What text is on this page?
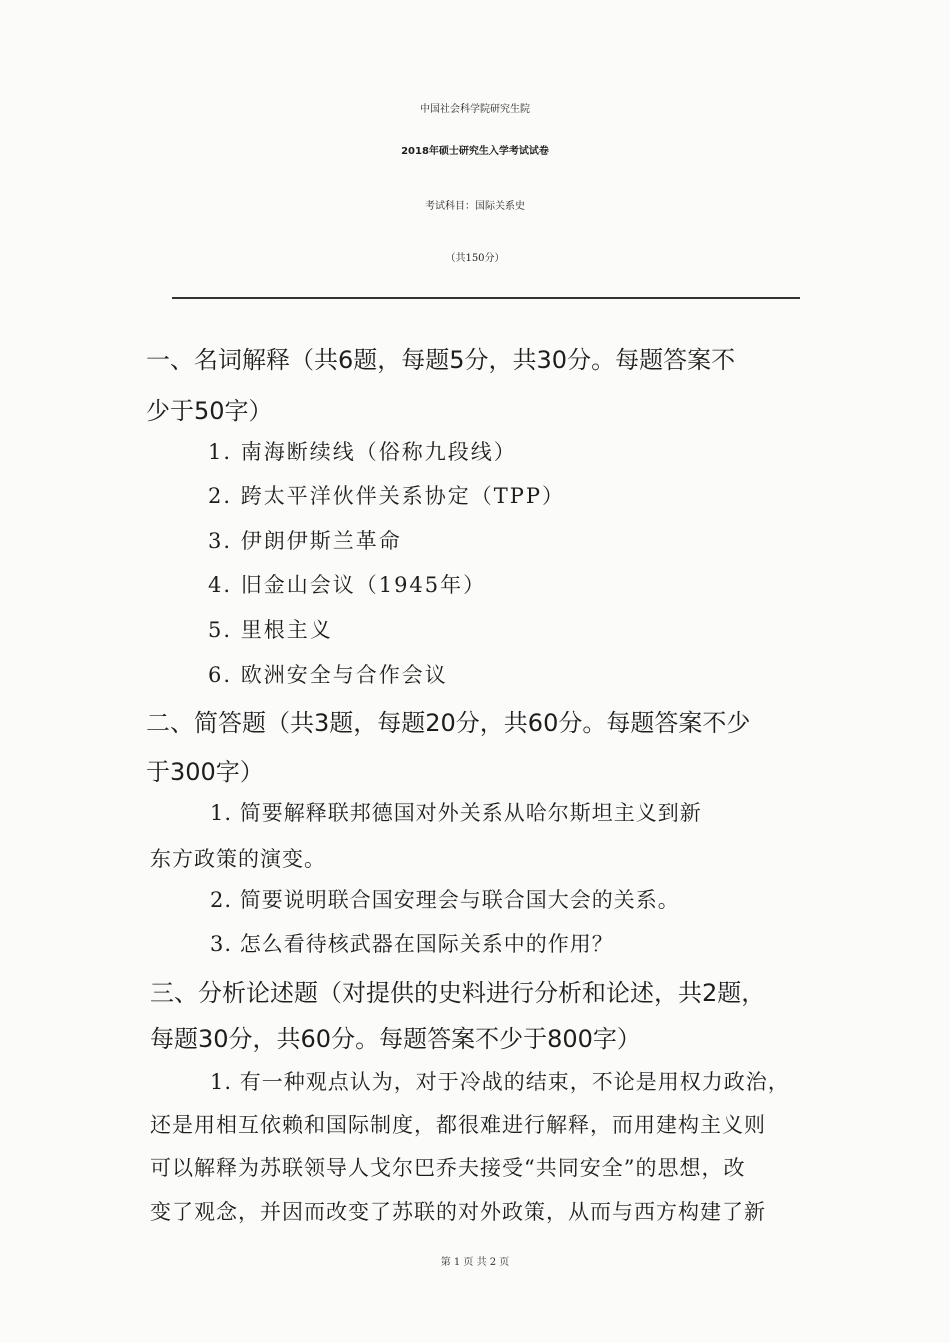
中国社会科学院研究生院
2018年硕士研究生入学考试试卷
考试科目：国际关系史
（共150分）
一、名词解释（共6题，每题5分，共30分。每题答案不
少于50字）
1. 南海断续线（俗称九段线）
2. 跨太平洋伙伴关系协定（TPP）
3. 伊朗伊斯兰革命
4. 旧金山会议（1945年）
5. 里根主义
6. 欧洲安全与合作会议
二、简答题（共3题，每题20分，共60分。每题答案不少
于300字）
1. 简要解释联邦德国对外关系从哈尔斯坦主义到新
东方政策的演变。
2. 简要说明联合国安理会与联合国大会的关系。
3. 怎么看待核武器在国际关系中的作用？
三、分析论述题（对提供的史料进行分析和论述，共2题，
每题30分，共60分。每题答案不少于800字）
1. 有一种观点认为，对于冷战的结束，不论是用权力政治，
还是用相互依赖和国际制度，都很难进行解释，而用建构主义则
可以解释为苏联领导人戈尔巴乔夫接受“共同安全”的思想，改
变了观念，并因而改变了苏联的对外政策，从而与西方构建了新
第 1 页 共 2 页
